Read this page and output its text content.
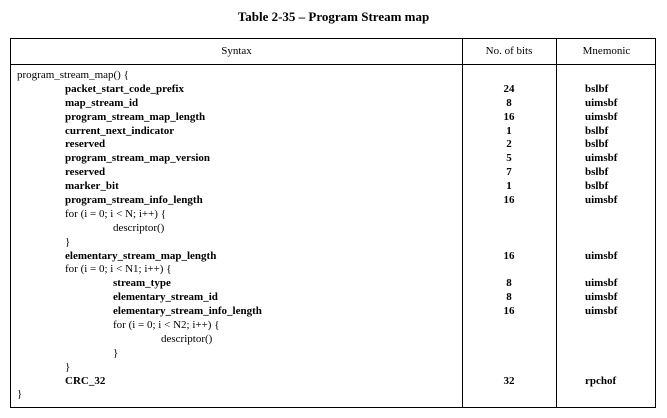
Table 2-35 – Program Stream map
Syntax	No. of bits	Mnemonic
program_stream_map() {
packet_start_code_prefix	24	bslbf
map_stream_id	8	uimsbf
program_stream_map_length	16	uimsbf
current_next_indicator	1	bslbf
reserved	2	bslbf
program_stream_map_version	5	uimsbf
reserved	7	bslbf
marker_bit	1	bslbf
program_stream_info_length	16	uimsbf
for (i = 0; i < N; i++) {
descriptor()
}
elementary_stream_map_length	16	uimsbf
for (i = 0; i < N1; i++) {
stream_type	8	uimsbf
elementary_stream_id	8	uimsbf
elementary_stream_info_length	16	uimsbf
for (i = 0; i < N2; i++) {
descriptor()
}
}
CRC_32	32	rpchof
}
